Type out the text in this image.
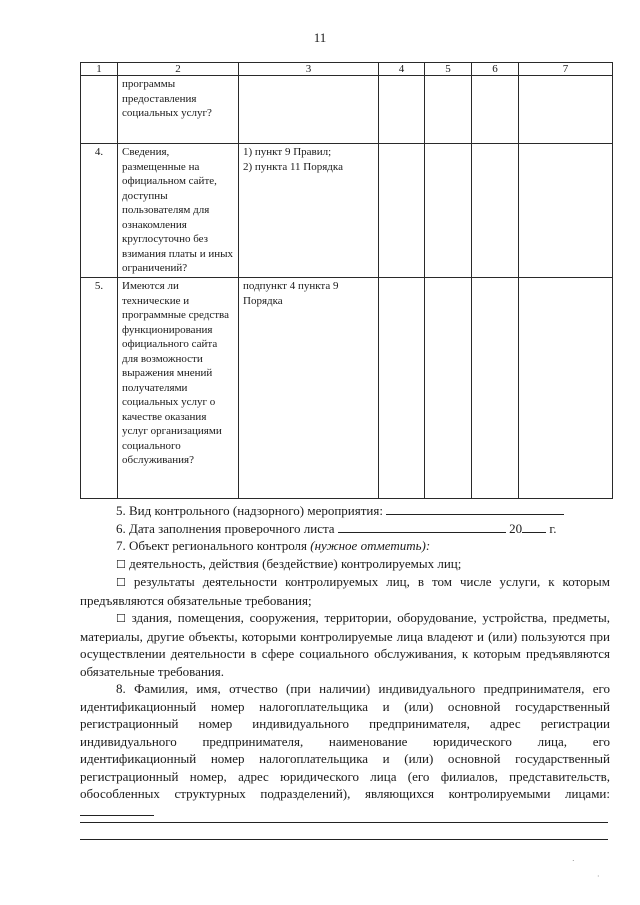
11
1	2	3	4	5	6	7
	программы предоставления социальных услуг?					
4.	Сведения, размещенные на официальном сайте, доступны пользователям для ознакомления круглосуточно без взимания платы и иных ограничений?	1) пункт 9 Правил;
2) пункта 11 Порядка				

5.	Имеются ли технические и программные средства функционирования официального сайта для возможности выражения мнений получателями социальных услуг о качестве оказания услуг организациями социального обслуживания?	подпункт 4 пункта 9 Порядка				

5. Вид контрольного (надзорного) мероприятия:

6. Дата заполнения проверочного листа	20 г.

7. Объект регионального контроля (нужное отметить):

☐ деятельность, действия (бездействие) контролируемых лиц;

☐ результаты деятельности контролируемых лиц, в том числе услуги, к которым предъявляются обязательные требования;

☐ здания, помещения, сооружения, территории, оборудование, устройства, предметы, материалы, другие объекты, которыми контролируемые лица владеют и (или) пользуются при осуществлении деятельности в сфере социального обслуживания, к которым предъявляются обязательные требования.

8. Фамилия, имя, отчество (при наличии) индивидуального предпринимателя, его идентификационный номер налогоплательщика и (или) основной государственный регистрационный номер индивидуального предпринимателя, адрес регистрации индивидуального предпринимателя, наименование юридического лица, его идентификационный номер налогоплательщика и (или) основной государственный регистрационный номер, адрес юридического лица (его филиалов, представительств, обособленных структурных подразделений), являющихся контролируемыми лицами:

.
·
